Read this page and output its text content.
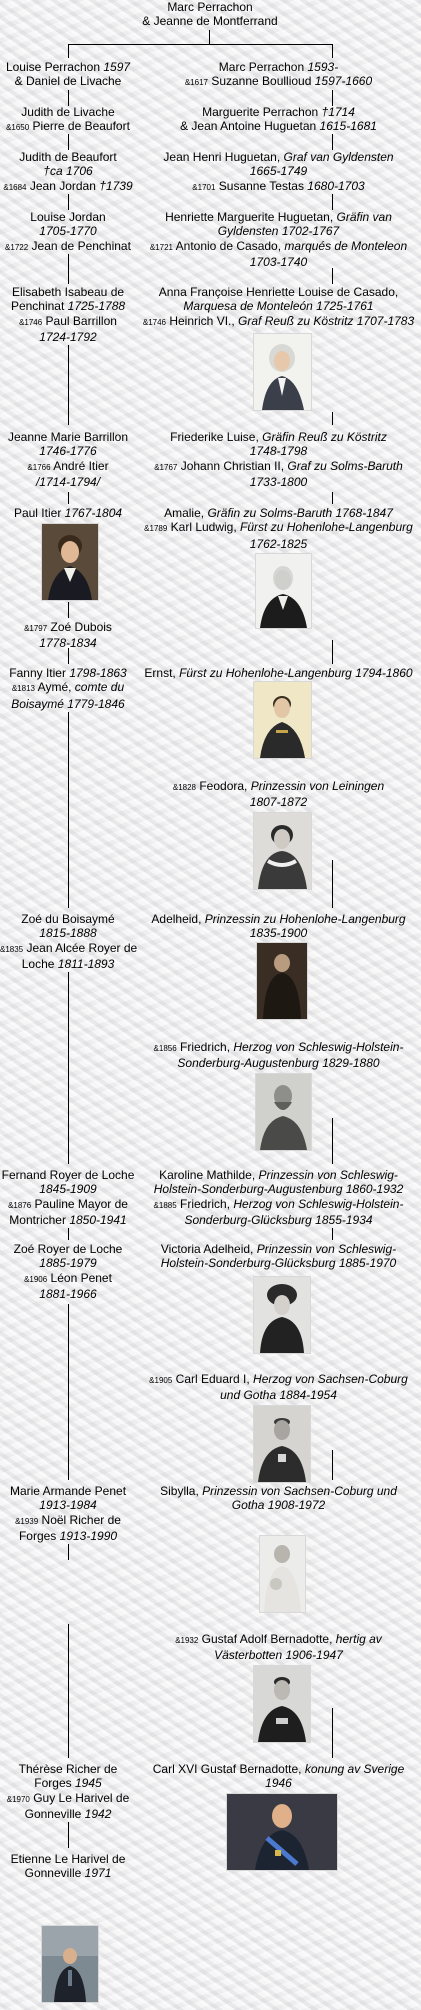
Marc Perrachon
& Jeanne de Montferrand
Louise Perrachon 1597
& Daniel de Livache
Judith de Livache
&1650 Pierre de Beaufort
Judith de Beaufort
†ca 1706
&1684 Jean Jordan †1739
Louise Jordan
1705-1770
&1722 Jean de Penchinat
Elisabeth Isabeau de
Penchinat 1725-1788
&1746 Paul Barrillon
1724-1792
Jeanne Marie Barrillon
1746-1776
&1766 André Itier
/1714-1794/
Paul Itier 1767-1804
&1797 Zoé Dubois
1778-1834
Fanny Itier 1798-1863
&1813 Aymé, comte du
Boisaymé 1779-1846
Zoé du Boisaymé
1815-1888
&1835 Jean Alcée Royer de
Loche 1811-1893
Fernand Royer de Loche
1845-1909
&1876 Pauline Mayor de
Montricher 1850-1941
Zoé Royer de Loche
1885-1979
&1906 Léon Penet
1881-1966
Marie Armande Penet
1913-1984
&1939 Noël Richer de
Forges 1913-1990
Thérèse Richer de
Forges 1945
&1970 Guy Le Harivel de
Gonneville 1942
Etienne Le Harivel de
Gonneville 1971
Marc Perrachon 1593-
&1617 Suzanne Boullioud 1597-1660
Marguerite Perrachon †1714
& Jean Antoine Huguetan 1615-1681
Jean Henri Huguetan, Graf van Gyldensten
1665-1749
&1701 Susanne Testas 1680-1703
Henriette Marguerite Huguetan, Gräfin van
Gyldensten 1702-1767
&1721 Antonio de Casado, marqués de Monteleon
1703-1740
Anna Françoise Henriette Louise de Casado,
Marquesa de Monteleón 1725-1761
&1746 Heinrich VI., Graf Reuß zu Köstritz 1707-1783
Friederike Luise, Gräfin Reuß zu Köstritz
1748-1798
&1767 Johann Christian II, Graf zu Solms-Baruth
1733-1800
Amalie, Gräfin zu Solms-Baruth 1768-1847
&1789 Karl Ludwig, Fürst zu Hohenlohe-Langenburg
1762-1825
Ernst, Fürst zu Hohenlohe-Langenburg 1794-1860
&1828 Feodora, Prinzessin von Leiningen
1807-1872
Adelheid, Prinzessin zu Hohenlohe-Langenburg
1835-1900
&1856 Friedrich, Herzog von Schleswig-Holstein-
Sonderburg-Augustenburg 1829-1880
Karoline Mathilde, Prinzessin von Schleswig-
Holstein-Sonderburg-Augustenburg 1860-1932
&1885 Friedrich, Herzog von Schleswig-Holstein-
Sonderburg-Glücksburg 1855-1934
Victoria Adelheid, Prinzessin von Schleswig-
Holstein-Sonderburg-Glücksburg 1885-1970
&1905 Carl Eduard I, Herzog von Sachsen-Coburg
und Gotha 1884-1954
Sibylla, Prinzessin von Sachsen-Coburg und
Gotha 1908-1972
&1932 Gustaf Adolf Bernadotte, hertig av
Västerbotten 1906-1947
Carl XVI Gustaf Bernadotte, konung av Sverige
1946
